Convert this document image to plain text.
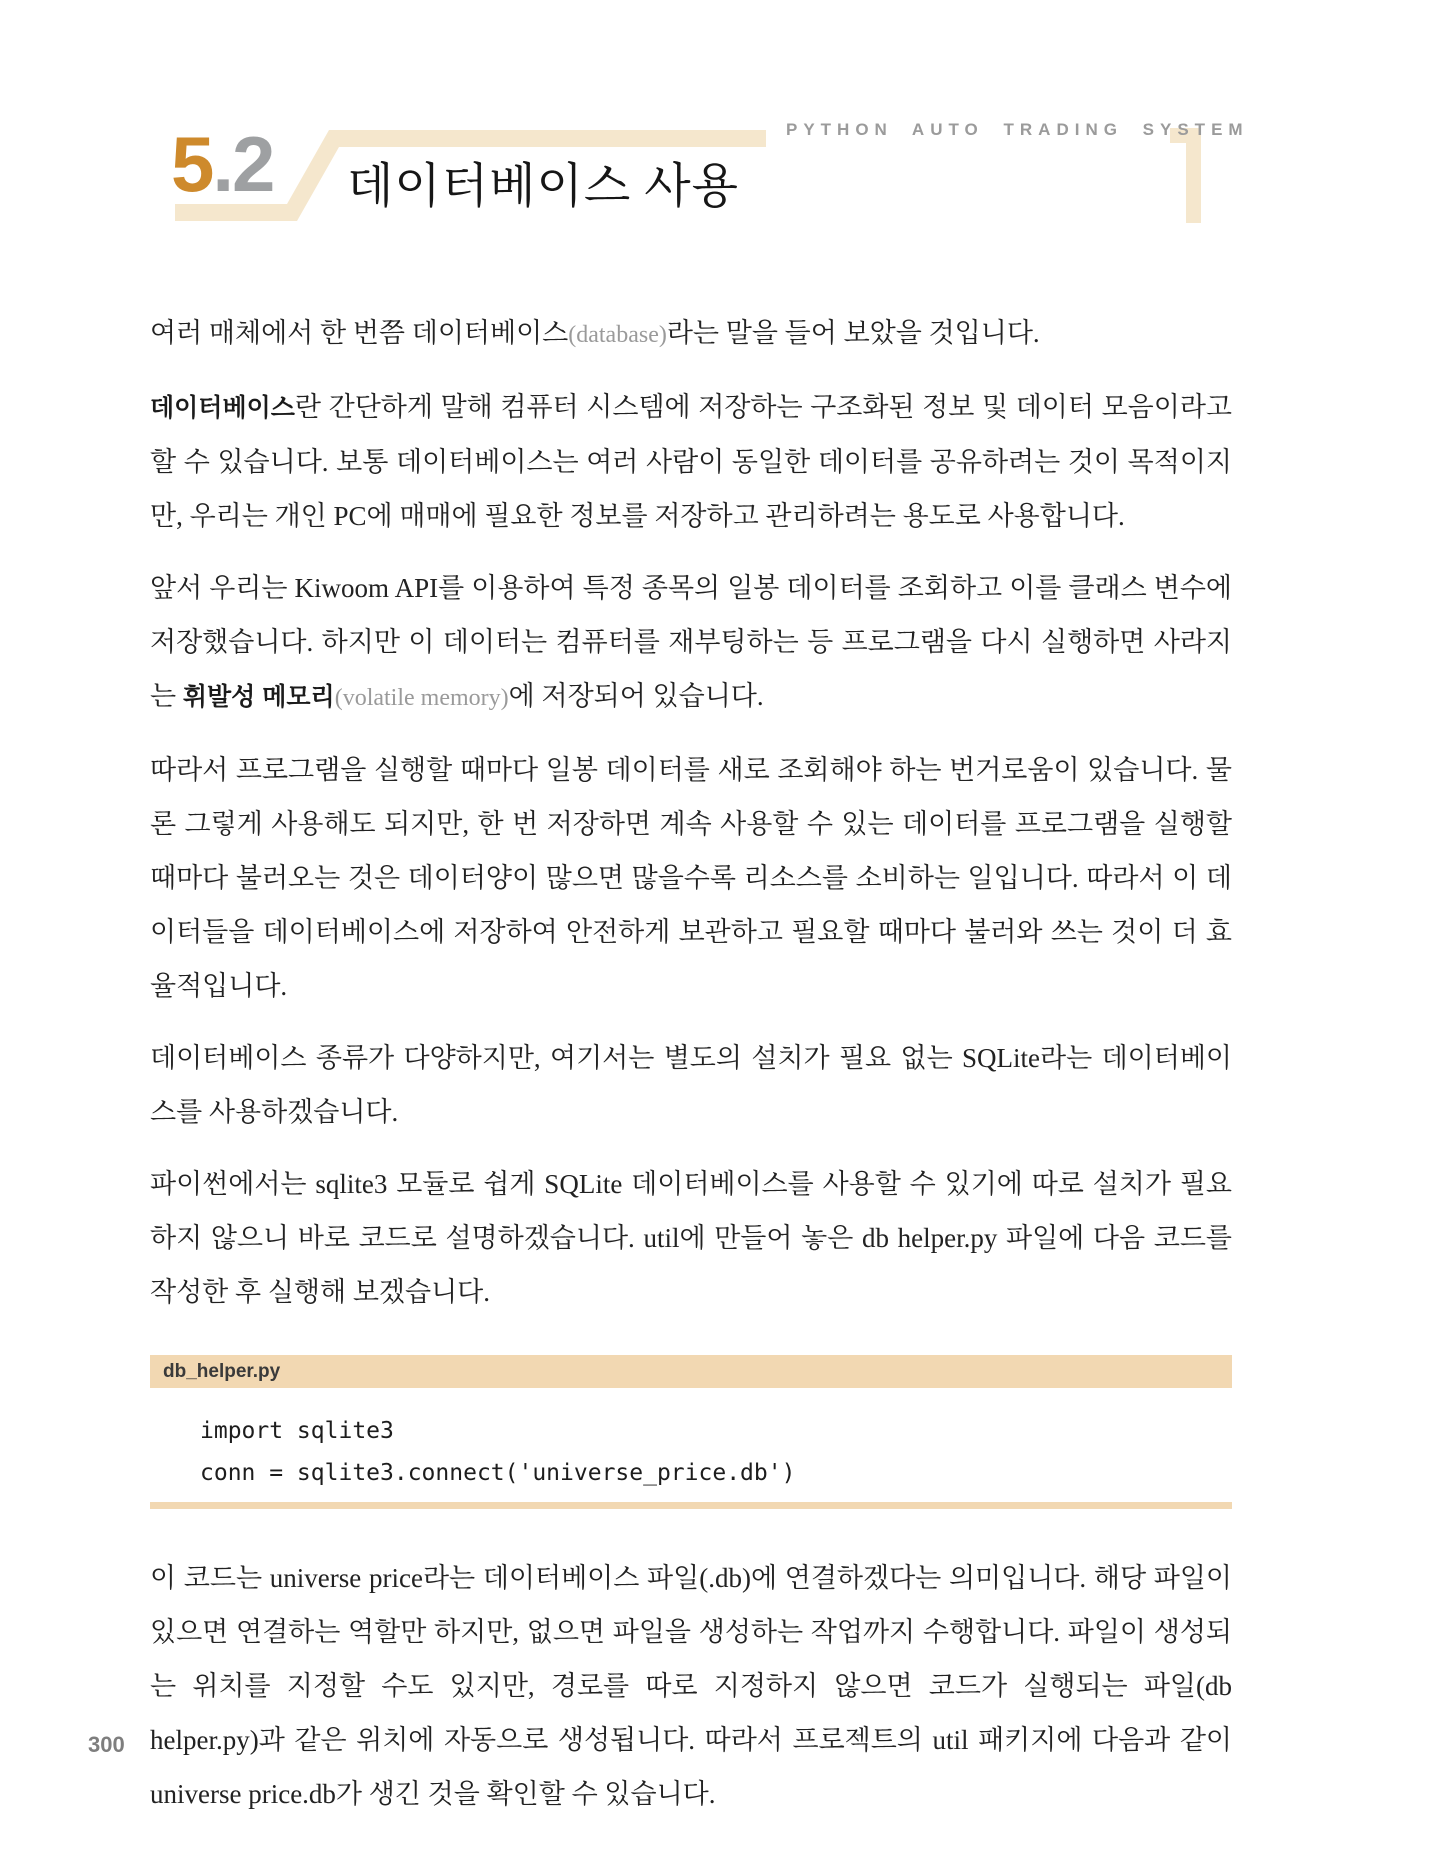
5.2 데이터베이스 사용
PYTHON AUTO TRADING SYSTEM

여러 매체에서 한 번쯤 데이터베이스(database)라는 말을 들어 보았을 것입니다.

데이터베이스란 간단하게 말해 컴퓨터 시스템에 저장하는 구조화된 정보 및 데이터 모음이라고 할 수 있습니다. 보통 데이터베이스는 여러 사람이 동일한 데이터를 공유하려는 것이 목적이지만, 우리는 개인 PC에 매매에 필요한 정보를 저장하고 관리하려는 용도로 사용합니다.

앞서 우리는 Kiwoom API를 이용하여 특정 종목의 일봉 데이터를 조회하고 이를 클래스 변수에 저장했습니다. 하지만 이 데이터는 컴퓨터를 재부팅하는 등 프로그램을 다시 실행하면 사라지는 휘발성 메모리(volatile memory)에 저장되어 있습니다.

따라서 프로그램을 실행할 때마다 일봉 데이터를 새로 조회해야 하는 번거로움이 있습니다. 물론 그렇게 사용해도 되지만, 한 번 저장하면 계속 사용할 수 있는 데이터를 프로그램을 실행할 때마다 불러오는 것은 데이터양이 많으면 많을수록 리소스를 소비하는 일입니다. 따라서 이 데이터들을 데이터베이스에 저장하여 안전하게 보관하고 필요할 때마다 불러와 쓰는 것이 더 효율적입니다.

데이터베이스 종류가 다양하지만, 여기서는 별도의 설치가 필요 없는 SQLite라는 데이터베이스를 사용하겠습니다.

파이썬에서는 sqlite3 모듈로 쉽게 SQLite 데이터베이스를 사용할 수 있기에 따로 설치가 필요하지 않으니 바로 코드로 설명하겠습니다. util에 만들어 놓은 db helper.py 파일에 다음 코드를 작성한 후 실행해 보겠습니다.

db_helper.py
import sqlite3
conn = sqlite3.connect('universe_price.db')

이 코드는 universe price라는 데이터베이스 파일(.db)에 연결하겠다는 의미입니다. 해당 파일이 있으면 연결하는 역할만 하지만, 없으면 파일을 생성하는 작업까지 수행합니다. 파일이 생성되는 위치를 지정할 수도 있지만, 경로를 따로 지정하지 않으면 코드가 실행되는 파일(db helper.py)과 같은 위치에 자동으로 생성됩니다. 따라서 프로젝트의 util 패키지에 다음과 같이 universe price.db가 생긴 것을 확인할 수 있습니다.

300
